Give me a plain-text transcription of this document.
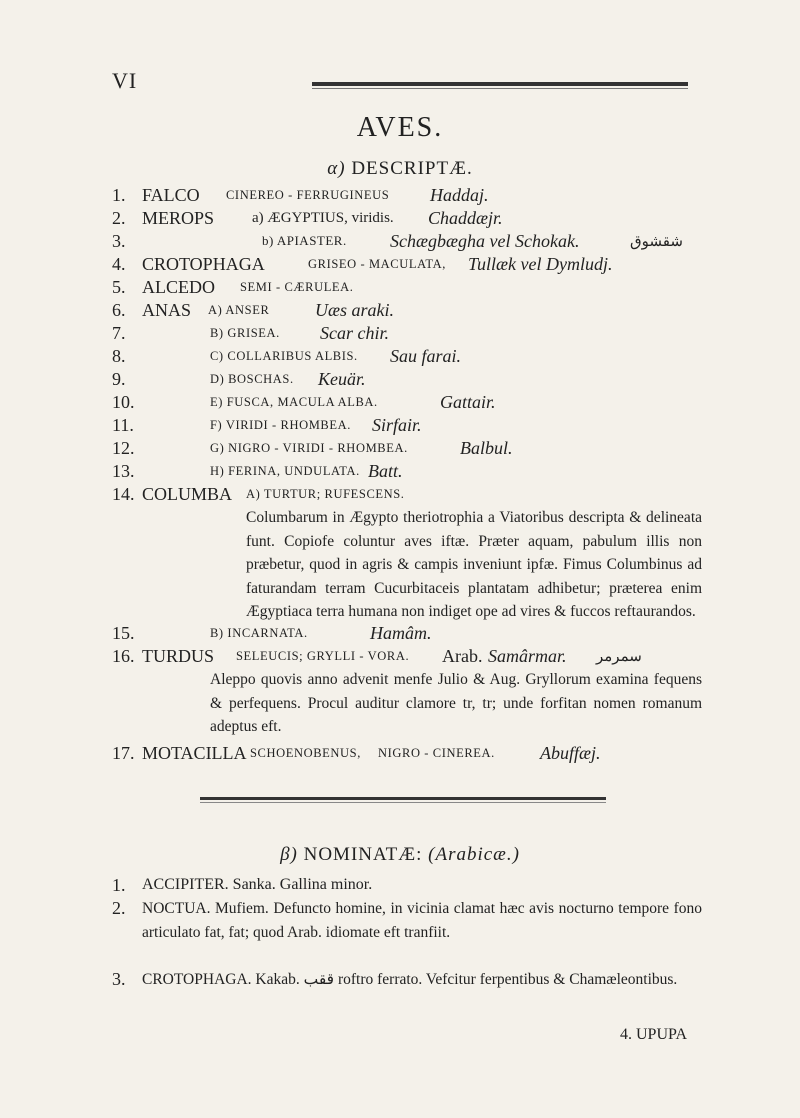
VI
AVES.
α) DESCRIPTÆ.
1. FALCO CINEREO - FERRUGINEUS Haddaj.
2. MEROPS	a) ÆGYPTIUS, viridis. Chaddæjr.
3.	b) APIASTER. Schægbægha vel Schokak.	ﺷﻘﺸﻮﻕ
4. CROTOPHAGA	GRISEO - MACULATA, Tullæk vel Dymludj.
5. ALCEDO SEMI - CÆRULEA.
6. ANAS A) ANSER	Uæs araki.
7.	B) GRISEA. Scar chir.
8.	C) COLLARIBUS ALBIS. Sau farai.
9.	D) BOSCHAS. Keuär.
10.	E) FUSCA, MACULA ALBA.	Gattair.
11.	F) VIRIDI - RHOMBEA. Sirfair.
12.	G) NIGRO - VIRIDI - RHOMBEA.	Balbul.
13.	H) FERINA, UNDULATA. Batt.
14. COLUMBA A) TURTUR; RUFESCENS.
Columbarum in Ægypto theriotrophia a Viatoribus descripta & delineata funt. Copiofe coluntur aves iftæ. Præter aquam, pabulum illis non præbetur, quod in agris & campis inveniunt ipfæ. Fimus Columbinus ad faturandam terram Cucurbitaceis plantatam adhibetur; præterea enim Ægyptiaca terra humana non indiget ope ad vires & fuccos reftaurandos.
15.	B) INCARNATA.	Hamâm.
16. TURDUS SELEUCIS; GRYLLI - VORA. Arab. Samârmar. ﺳﻤﺮﻣﺮ
Aleppo quovis anno advenit menfe Julio & Aug. Gryllorum examina fequens & perfequens. Procul auditur clamore tr, tr; unde forfitan nomen romanum adeptus eft.
17. MOTACILLA SCHOENOBENUS, NIGRO - CINEREA.	Abuffæj.
β) NOMINATÆ: (Arabicæ.)
1.	ACCIPITER. Sanka. Gallina minor.
2.	NOCTUA. Mufiem. Defuncto homine, in vicinia clamat hæc avis nocturno tempore fono articulato fat, fat; quod Arab. idiomate eft tranfiit.
3.	CROTOPHAGA. Kakab. ﻗﻘﺐ roftro ferrato. Vefcitur ferpentibus & Chamæleontibus.
4. UPUPA
